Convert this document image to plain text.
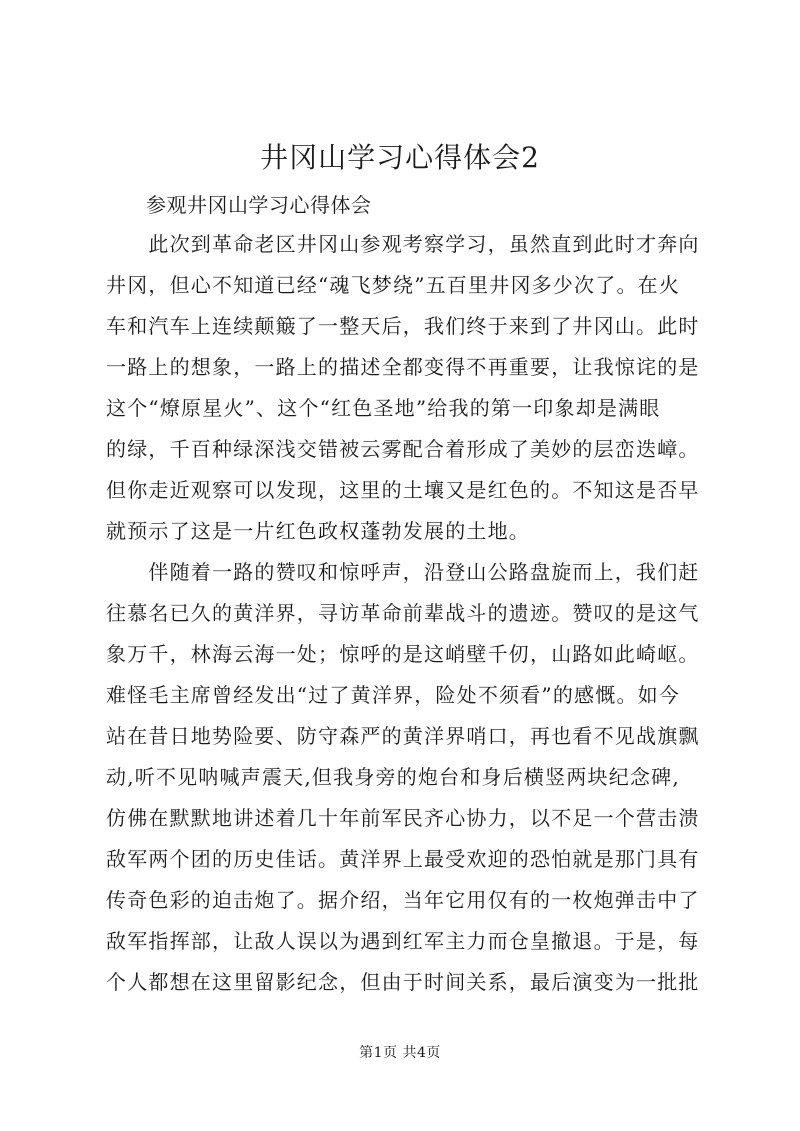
井冈山学习心得体会2

参观井冈山学习心得体会

　　此次到革命老区井冈山参观考察学习，虽然直到此时才奔向

井冈，但心不知道已经“魂飞梦绕”五百里井冈多少次了。在火

车和汽车上连续颠簸了一整天后，我们终于来到了井冈山。此时

一路上的想象，一路上的描述全都变得不再重要，让我惊诧的是

这个“燎原星火”、这个“红色圣地”给我的第一印象却是满眼

的绿，千百种绿深浅交错被云雾配合着形成了美妙的层峦迭嶂。

但你走近观察可以发现，这里的土壤又是红色的。不知这是否早

就预示了这是一片红色政权蓬勃发展的土地。

　　伴随着一路的赞叹和惊呼声，沿登山公路盘旋而上，我们赶

往慕名已久的黄洋界，寻访革命前辈战斗的遗迹。赞叹的是这气

象万千，林海云海一处；惊呼的是这峭壁千仞，山路如此崎岖。

难怪毛主席曾经发出“过了黄洋界，险处不须看”的感慨。如今

站在昔日地势险要、防守森严的黄洋界哨口，再也看不见战旗飘

动,听不见呐喊声震天,但我身旁的炮台和身后横竖两块纪念碑,

仿佛在默默地讲述着几十年前军民齐心协力，以不足一个营击溃

敌军两个团的历史佳话。黄洋界上最受欢迎的恐怕就是那门具有

传奇色彩的迫击炮了。据介绍，当年它用仅有的一枚炮弹击中了

敌军指挥部，让敌人误以为遇到红军主力而仓皇撤退。于是，每

个人都想在这里留影纪念，但由于时间关系，最后演变为一批批

第1页 共4页
